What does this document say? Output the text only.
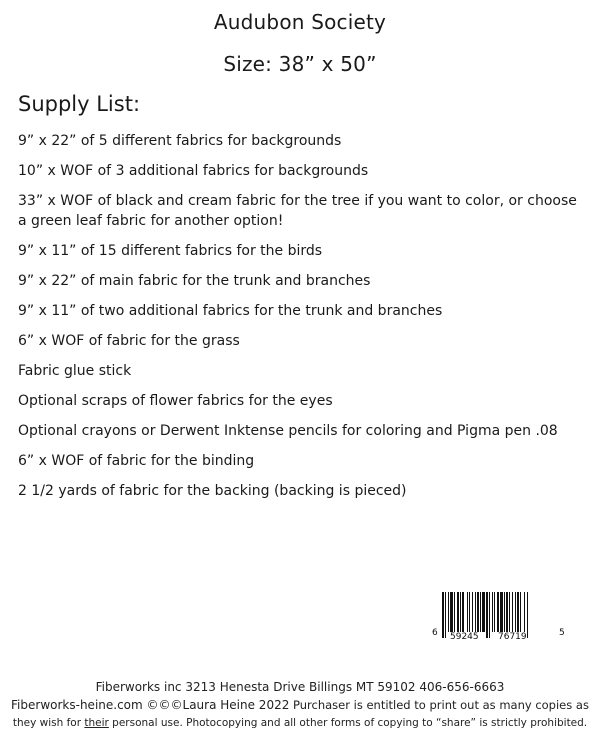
Audubon Society
Size: 38” x 50”
Supply List:
9” x 22” of 5 different fabrics for backgrounds
10” x WOF of 3 additional fabrics for backgrounds
33” x WOF of black and cream fabric for the tree if you want to color, or choose a green leaf fabric for another option!
9” x 11” of 15 different fabrics for the birds
9” x 22” of main fabric for the trunk and branches
9” x 11” of two additional fabrics for the trunk and branches
6” x WOF of fabric for the grass
Fabric glue stick
Optional scraps of flower fabrics for the eyes
Optional crayons or Derwent Inktense pencils for coloring and Pigma pen .08
6” x WOF of fabric for the binding
2 1/2 yards of fabric for the backing (backing is pieced)
6 59245 76719	5
Fiberworks inc 3213 Henesta Drive Billings MT 59102 406-656-6663
Fiberworks-heine.com ©©©Laura Heine 2022 Purchaser is entitled to print out as many copies as
they wish for their personal use. Photocopying and all other forms of copying to “share” is strictly prohibited.
